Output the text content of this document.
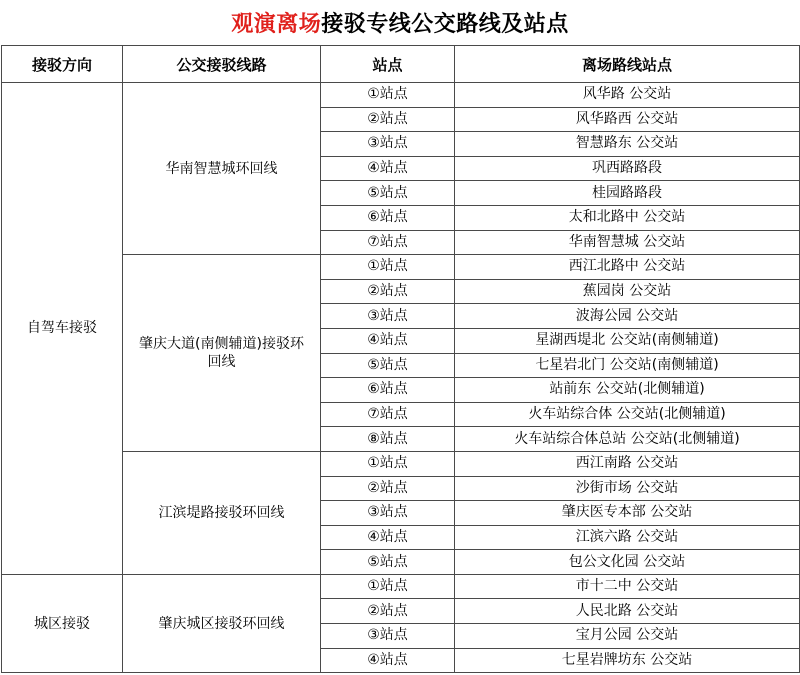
观演离场 接驳专线公交路线及站点
接驳方向	公交接驳线路	站点	离场路线站点
自驾车接驳	华南智慧城环回线	①站点	风华路 公交站
		②站点	风华路西 公交站
		③站点	智慧路东 公交站
		④站点	巩西路路段
		⑤站点	桂园路路段
		⑥站点	太和北路中 公交站
		⑦站点	华南智慧城 公交站
	肇庆大道(南侧辅道)接驳环回线	①站点	西江北路中 公交站
		②站点	蕉园岗 公交站
		③站点	波海公园 公交站
		④站点	星湖西堤北 公交站(南侧辅道)
		⑤站点	七星岩北门 公交站(南侧辅道)
		⑥站点	站前东 公交站(北侧辅道)
		⑦站点	火车站综合体 公交站(北侧辅道)
		⑧站点	火车站综合体总站 公交站(北侧辅道)
	江滨堤路接驳环回线	①站点	西江南路 公交站
		②站点	沙街市场 公交站
		③站点	肇庆医专本部 公交站
		④站点	江滨六路 公交站
		⑤站点	包公文化园 公交站
城区接驳	肇庆城区接驳环回线	①站点	市十二中 公交站
		②站点	人民北路 公交站
		③站点	宝月公园 公交站
		④站点	七星岩牌坊东 公交站
